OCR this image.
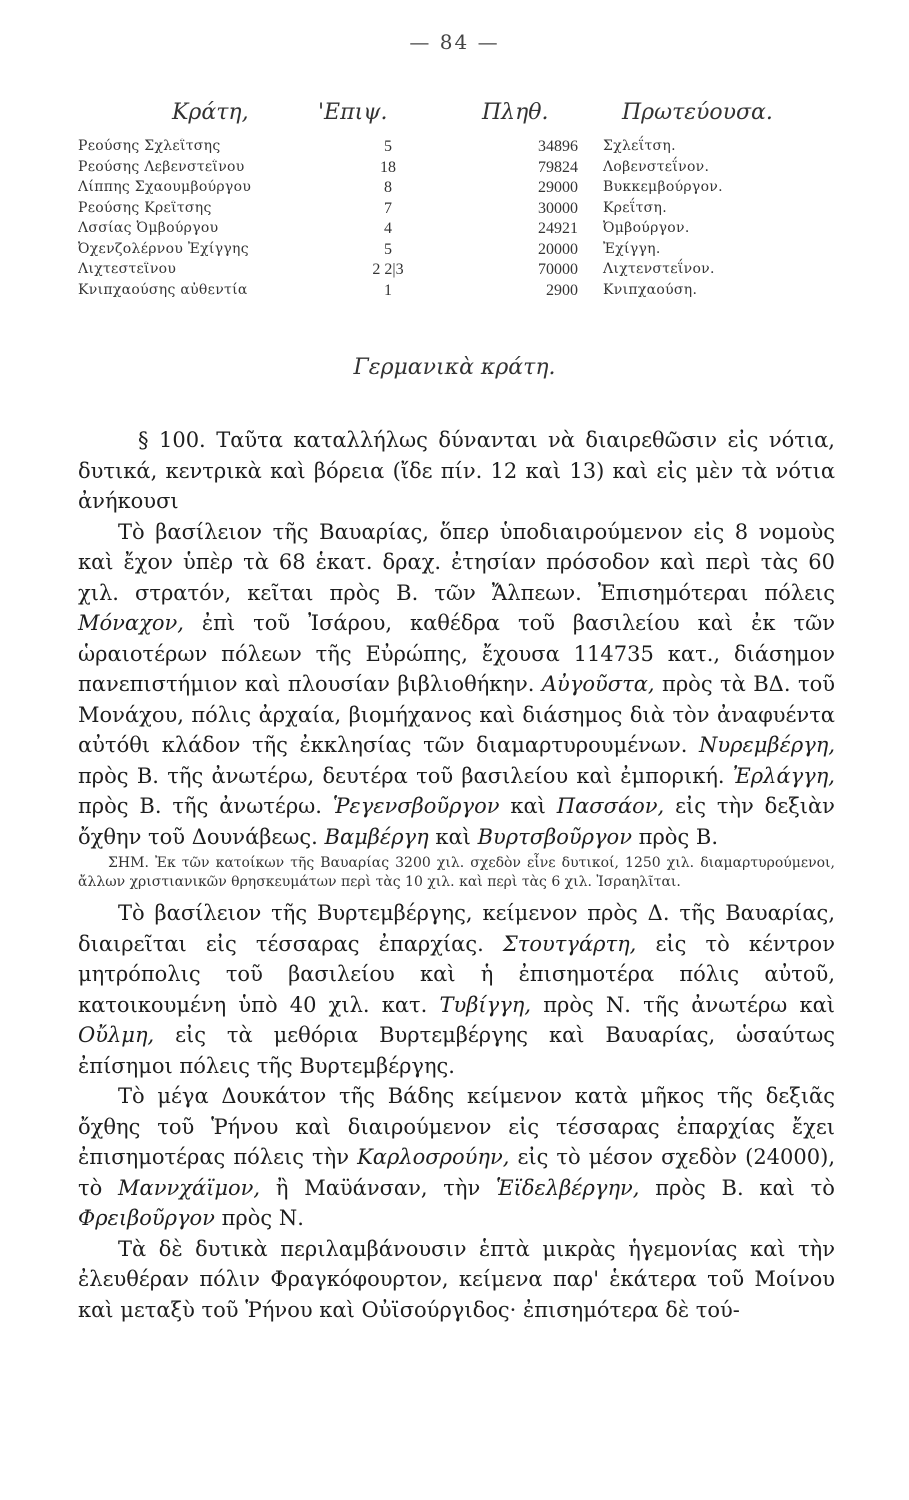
— 84 —
Κράτη,	'Επιψ.	Πληθ.	Πρωτεύουσα.
Ρεούσης Σχλεΐτσης	5	34896 Σχλεΐτση.
Ρεούσης Λεβενστεΐνου	18	79824 Λοβενστεΐνον.
Λίππης Σχαουμβούργου	8	29000 Βυκκεμβούργον.
Ρεούσης Κρεΐτσης	7	30000 Κρεΐτση.
Λσσίας Ὀμβούργου	4	24921 Ὀμβούργον.
Ὀχενζολέρνου Ἐχίγγης	5	20000 Ἐχίγγη.
Λιχτεστεΐνου	2 2|3	70000 Λιχτενστεΐνον.
Κνιπχαούσης αὐθεντία	1	2900 Κνιπχαούση.
Γερμανικὰ κράτη.

§ 100. Ταῦτα καταλλήλως δύνανται νὰ διαιρεθῶσιν εἰς νότια, δυτικά, κεντρικὰ καὶ βόρεια (ἴδε πίν. 12 καὶ 13) καὶ εἰς μὲν τὰ νότια ἀνήκουσι

Τὸ βασίλειον τῆς Βαυαρίας, ὅπερ ὑποδιαιρούμενον εἰς 8 νομοὺς καὶ ἔχον ὑπὲρ τὰ 68 ἑκατ. δραχ. ἐτησίαν πρόσοδον καὶ περὶ τὰς 60 χιλ. στρατόν, κεῖται πρὸς Β. τῶν Ἄλπεων. Ἐπισημότεραι πόλεις Μόναχον, ἐπὶ τοῦ Ἰσάρου, καθέδρα τοῦ βασιλείου καὶ ἐκ τῶν ὡραιοτέρων πόλεων τῆς Εὐρώπης, ἔχουσα 114735 κατ., διάσημον πανεπιστήμιον καὶ πλουσίαν βιβλιοθήκην. Αὐγοῦστα, πρὸς τὰ ΒΔ. τοῦ Μονάχου, πόλις ἀρχαία, βιομήχανος καὶ διάσημος διὰ τὸν ἀναφυέντα αὐτόθι κλάδον τῆς ἐκκλησίας τῶν διαμαρτυρουμένων. Νυρεμβέργη, πρὸς Β. τῆς ἀνωτέρω, δευτέρα τοῦ βασιλείου καὶ ἐμπορική. Ἐρλάγγη, πρὸς Β. τῆς ἀνωτέρω. Ῥεγενσβοῦργον καὶ Πασσάον, εἰς τὴν δεξιὰν ὄχθην τοῦ Δουνάβεως. Βαμβέργη καὶ Βυρτσβοῦργον πρὸς Β.

ΣΗΜ. Ἐκ τῶν κατοίκων τῆς Βαυαρίας 3200 χιλ. σχεδὸν εἶνε δυτικοί, 1250 χιλ. διαμαρτυρούμενοι, ἄλλων χριστιανικῶν θρησκευμάτων περὶ τὰς 10 χιλ. καὶ περὶ τὰς 6 χιλ. Ἰσραηλῖται.

Τὸ βασίλειον τῆς Βυρτεμβέργης, κείμενον πρὸς Δ. τῆς Βαυαρίας, διαιρεῖται εἰς τέσσαρας ἐπαρχίας. Στουτγάρτη, εἰς τὸ κέντρον μητρόπολις τοῦ βασιλείου καὶ ἡ ἐπισημοτέρα πόλις αὐτοῦ, κατοικουμένη ὑπὸ 40 χιλ. κατ. Τυβίγγη, πρὸς Ν. τῆς ἀνωτέρω καὶ Οὔλμη, εἰς τὰ μεθόρια Βυρτεμβέργης καὶ Βαυαρίας, ὡσαύτως ἐπίσημοι πόλεις τῆς Βυρτεμβέργης.

Τὸ μέγα Δουκάτον τῆς Βάδης κείμενον κατὰ μῆκος τῆς δεξιᾶς ὄχθης τοῦ Ῥήνου καὶ διαιρούμενον εἰς τέσσαρας ἐπαρχίας ἔχει ἐπισημοτέρας πόλεις τὴν Καρλοσρούην, εἰς τὸ μέσον σχεδὸν (24000), τὸ Μαννχάϊμον, ἢ Μαϋάνσαν, τὴν Ἑϊδελβέργην, πρὸς Β. καὶ τὸ Φρειβοῦργον πρὸς Ν.

Τὰ δὲ δυτικὰ περιλαμβάνουσιν ἑπτὰ μικρὰς ἡγεμονίας καὶ τὴν ἐλευθέραν πόλιν Φραγκόφουρτον, κείμενα παρ' ἑκάτερα τοῦ Μοίνου καὶ μεταξὺ τοῦ Ῥήνου καὶ Οὐϊσούργιδος· ἐπισημότερα δὲ τού-
